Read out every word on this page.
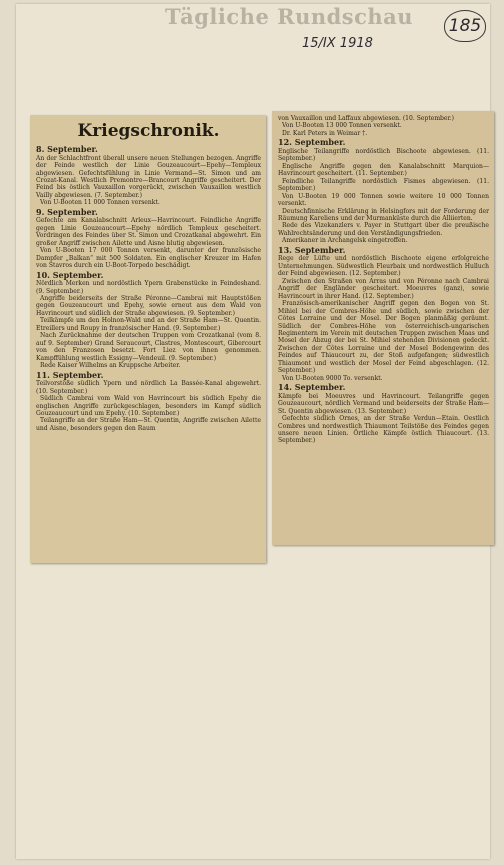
Tägliche Rundschau
15/IX 1918
185
Kriegschronik.
8. September.

An der Schlachtfront überall unsere neuen Stellungen bezogen. Angriffe der Feinde westlich der Linie Gouzeaucourt—Epehy—Templeux abgewiesen. Gefechtsfühlung in Linie Vermand—St. Simon und am Crozat-Kanal. Westlich Premontre—Brancourt Angriffe gescheitert. Der Feind bis östlich Vauxaillon vorgerückt, zwischen Vauxaillon westlich Vailly abgewiesen. (7. September.)

Von U-Booten 11 000 Tonnen versenkt.

9. September.

Gefechte am Kanalabschnitt Arleux—Havrincourt. Feindliche Angriffe gegen Linie Gouzeaucourt—Epehy nördlich Templeux gescheitert. Vordringen des Feindes über St. Simon und Crozatkanal abgewehrt. Ein großer Angriff zwischen Ailette und Aisne blutig abgewiesen.

Von U-Booten 17 000 Tonnen versenkt, darunter der französische Dampfer „Balkan“ mit 500 Soldaten. Ein englischer Kreuzer im Hafen von Stavros durch ein U-Boot-Torpedo beschädigt.

10. September.

Nördlich Merken und nordöstlich Ypern Grabenstücke in Feindeshand. (9. September.)

Angriffe beiderseits der Straße Péronne—Cambrai mit Hauptstößen gegen Gouzeaucourt und Epehy, sowie erneut aus dem Wald von Havrincourt und südlich der Straße abgewiesen. (9. September.)

Teilkämpfe um den Holnon-Wald und an der Straße Ham—St. Quentin. Etreillers und Roupy in französischer Hand. (9. September.)

Nach Zurücknahme der deutschen Truppen vom Crozatkanal (vom 8. auf 9. September) Grand Seraucourt, Clastres, Montescourt, Gibercourt von den Franzosen besetzt. Fort Liez von ihnen genommen. Kampffühlung westlich Essigny—Vendeuil. (9. September.)

Rede Kaiser Wilhelms an Kruppsche Arbeiter.

11. September.

Teilvorstöße südlich Ypern und nördlich La Bassée-Kanal abgewehrt. (10. September.)

Südlich Cambrai vom Wald von Havrincourt bis südlich Epehy die englischen Angriffe zurückgeschlagen, besonders im Kampf südlich Gouzeaucourt und um Epehy. (10. September.)

Teilangriffe an der Straße Ham—St. Quentin, Angriffe zwischen Ailette und Aisne, besonders gegen den Raum

von Vauxaillon und Laffaux abgewiesen. (10. September.)

Von U-Booten 13 000 Tonnen versenkt.

Dr. Karl Peters in Weimar †.

12. September.

Englische Teilangriffe nordöstlich Bischoote abgewiesen. (11. September.)

Englische Angriffe gegen den Kanalabschnitt Marquion—Havrincourt gescheitert. (11. September.)

Feindliche Teilangriffe nordöstlich Fismes abgewiesen. (11. September.)

Von U-Booten 19 000 Tonnen sowie weitere 10 000 Tonnen versenkt.

Deutschfinnische Erklärung in Helsingfors mit der Forderung der Räumung Kareliens und der Murmanküste durch die Alliierten.

Rede des Vizekanzlers v. Payer in Stuttgart über die preußische Wahlrechtsänderung und den Verständigungsfrieden.

Amerikaner in Archangelsk eingetroffen.

13. September.

Rege der Lüfte und nordöstlich Bischoote eigene erfolgreiche Unternehmungen. Südwestlich Fleurbaix und nordwestlich Hulluch der Feind abgewiesen. (12. September.)

Zwischen den Straßen von Arras und von Péronne nach Cambrai Angriff der Engländer gescheitert. Moeuvres (ganz), sowie Havrincourt in ihrer Hand. (12. September.)

Französisch-amerikanischer Angriff gegen den Bogen von St. Mihiel bei der Combres-Höhe und südlich, sowie zwischen der Côtes Lorraine und der Mosel. Der Bogen planmäßig geräumt. Südlich der Combres-Höhe von österreichisch-ungarischen Regimentern im Verein mit deutschen Truppen zwischen Maas und Mosel der Abzug der bei St. Mihiel stehenden Divisionen gedeckt. Zwischen der Côtes Lorraine und der Mosel Bodengewinn des Feindes auf Thiaucourt zu, der Stoß aufgefangen; südwestlich Thiaumont und westlich der Mosel der Feind abgeschlagen. (12. September.)

Von U-Booten 9000 To. versenkt.

14. September.

Kämpfe bei Moeuvres und Havrincourt. Teilangriffe gegen Gouzeaucourt, nördlich Vermand und beiderseits der Straße Ham—St. Quentin abgewiesen. (13. September.)

Gefechte südlich Ornes, an der Straße Verdun—Etain. Oestlich Combres und nordwestlich Thiaumont Teilstöße des Feindes gegen unsere neuen Linien. Örtliche Kämpfe östlich Thiaucourt. (13. September.)
